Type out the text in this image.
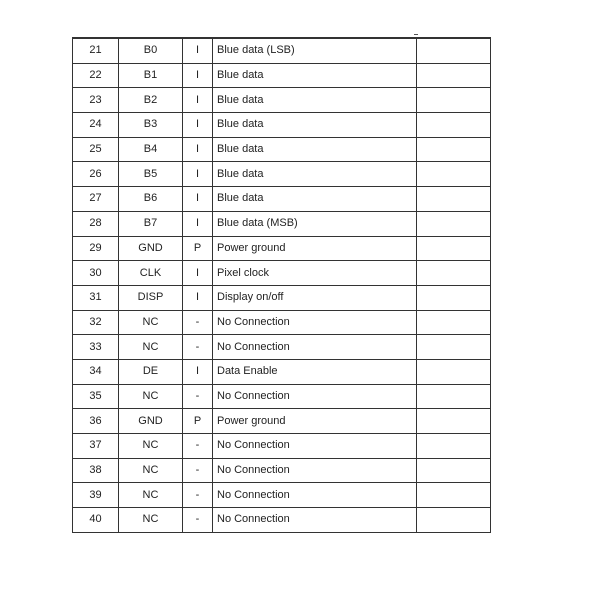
21	B0	I	Blue data (LSB)	
22	B1	I	Blue data	
23	B2	I	Blue data	
24	B3	I	Blue data	
25	B4	I	Blue data	
26	B5	I	Blue data	
27	B6	I	Blue data	
28	B7	I	Blue data (MSB)	
29	GND	P	Power ground	
30	CLK	I	Pixel clock	
31	DISP	I	Display on/off	
32	NC	-	No Connection	
33	NC	-	No Connection	
34	DE	I	Data Enable	
35	NC	-	No Connection	
36	GND	P	Power ground	
37	NC	-	No Connection	
38	NC	-	No Connection	
39	NC	-	No Connection	
40	NC	-	No Connection	
